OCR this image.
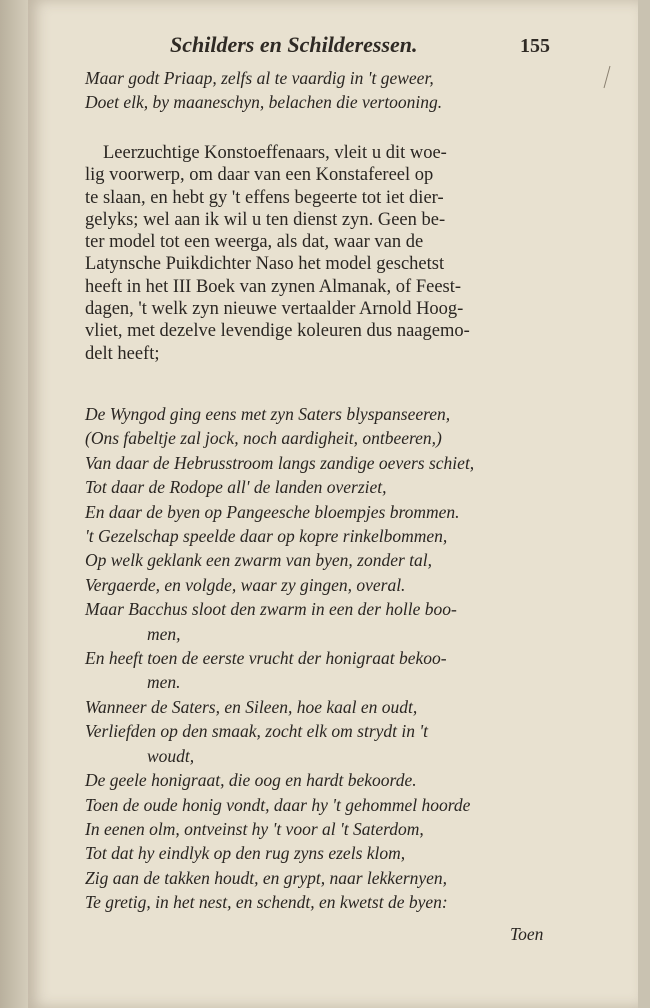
Schilders en Schilderessen.	155
Maar godt Priaap, zelfs al te vaardig in 't geweer,
Doet elk, by maaneschyn, belachen die vertooning.
Leerzuchtige Konstoeffenaars, vleit u dit woe-
lig voorwerp, om daar van een Konstafereel op
te slaan, en hebt gy 't effens begeerte tot iet dier-
gelyks; wel aan ik wil u ten dienst zyn. Geen be-
ter model tot een weerga, als dat, waar van de
Latynsche Puikdichter Naso het model geschetst
heeft in het III Boek van zynen Almanak, of Feest-
dagen, 't welk zyn nieuwe vertaalder Arnold Hoog-
vliet, met dezelve levendige koleuren dus naagemo-
delt heeft;
De Wyngod ging eens met zyn Saters blyspanseeren,
(Ons fabeltje zal jock, noch aardigheit, ontbeeren,)
Van daar de Hebrusstroom langs zandige oevers schiet,
Tot daar de Rodope all' de landen overziet,
En daar de byen op Pangeesche bloempjes brommen.
't Gezelschap speelde daar op kopre rinkelbommen,
Op welk geklank een zwarm van byen, zonder tal,
Vergaerde, en volgde, waar zy gingen, overal.
Maar Bacchus sloot den zwarm in een der holle boo-
men,
En heeft toen de eerste vrucht der honigraat bekoo-
men.
Wanneer de Saters, en Sileen, hoe kaal en oudt,
Verliefden op den smaak, zocht elk om strydt in 't
woudt,
De geele honigraat, die oog en hardt bekoorde.
Toen de oude honig vondt, daar hy 't gehommel hoorde
In eenen olm, ontveinst hy 't voor al 't Saterdom,
Tot dat hy eindlyk op den rug zyns ezels klom,
Zig aan de takken houdt, en grypt, naar lekkernyen,
Te gretig, in het nest, en schendt, en kwetst de byen:
Toen
